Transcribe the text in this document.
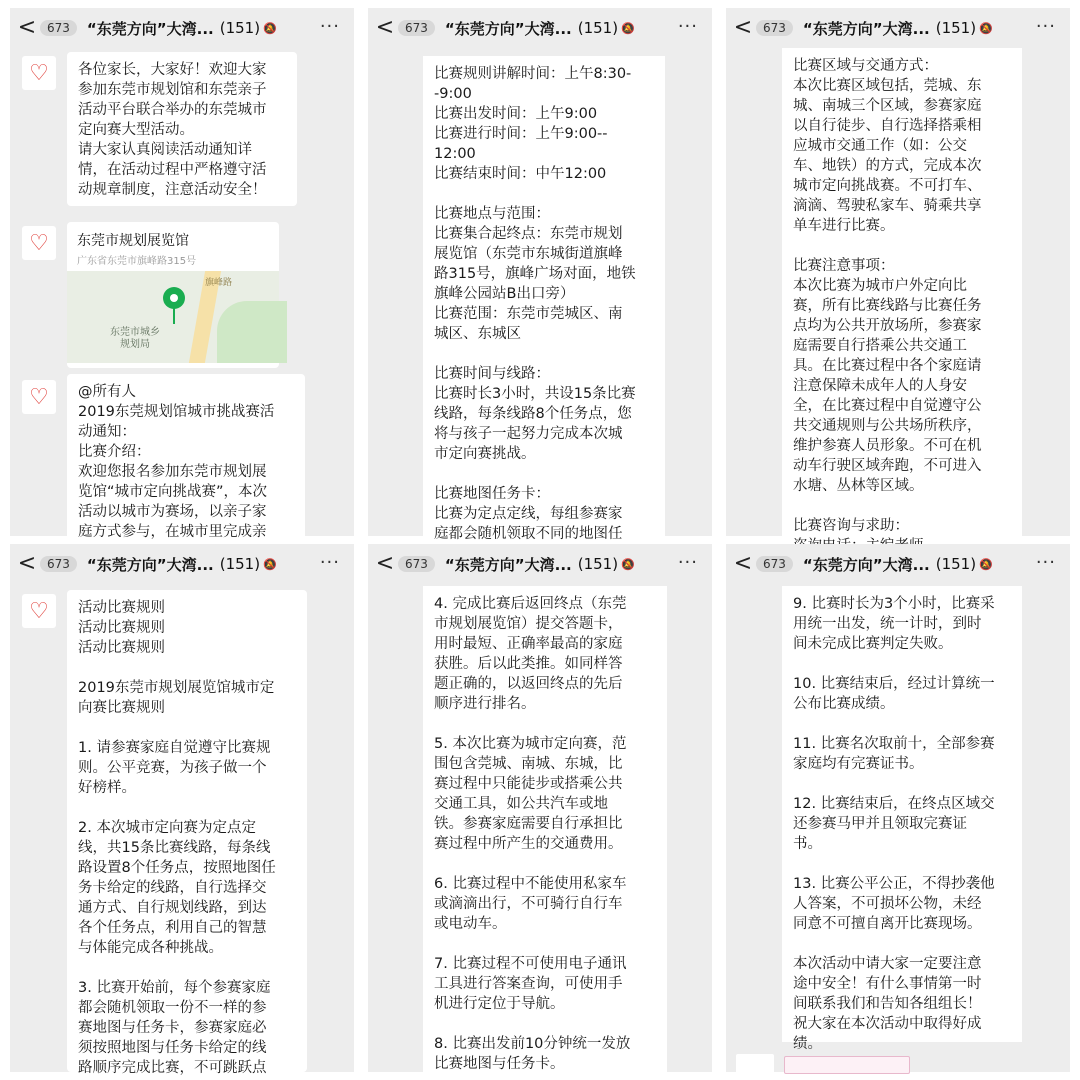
< 673	“东莞方向”大湾... (151) 🔕 ···
♡	各位家长，大家好！欢迎大家
参加东莞市规划馆和东莞亲子
活动平台联合举办的东莞城市
定向赛大型活动。
请大家认真阅读活动通知详
情，在活动过程中严格遵守活
动规章制度，注意活动安全！
♡	东莞市规划展览馆
广东省东莞市旗峰路315号
旗峰路
东莞市城乡
规划局
♡	@所有人
2019东莞规划馆城市挑战赛活
动通知：
比赛介绍：
欢迎您报名参加东莞市规划展
览馆“城市定向挑战赛”，本次
活动以城市为赛场，以亲子家
庭方式参与，在城市里完成亲
< 673	“东莞方向”大湾... (151) 🔕 ···
比赛规则讲解时间：上午8:30-
-9:00
比赛出发时间：上午9:00
比赛进行时间：上午9:00--
12:00
比赛结束时间：中午12:00

比赛地点与范围：
比赛集合起终点：东莞市规划
展览馆（东莞市东城街道旗峰
路315号，旗峰广场对面，地铁
旗峰公园站B出口旁）
比赛范围：东莞市莞城区、南
城区、东城区

比赛时间与线路：
比赛时长3小时，共设15条比赛
线路，每条线路8个任务点，您
将与孩子一起努力完成本次城
市定向赛挑战。

比赛地图任务卡：
比赛为定点定线，每组参赛家
庭都会随机领取不同的地图任
< 673	“东莞方向”大湾... (151) 🔕 ···
比赛区域与交通方式：
本次比赛区域包括，莞城、东
城、南城三个区域，参赛家庭
以自行徒步、自行选择搭乘相
应城市交通工作（如：公交
车、地铁）的方式，完成本次
城市定向挑战赛。不可打车、
滴滴、驾驶私家车、骑乘共享
单车进行比赛。

比赛注意事项：
本次比赛为城市户外定向比
赛，所有比赛线路与比赛任务
点均为公共开放场所，参赛家
庭需要自行搭乘公共交通工
具。在比赛过程中各个家庭请
注意保障未成年人的人身安
全，在比赛过程中自觉遵守公
共交通规则与公共场所秩序，
维护参赛人员形象。不可在机
动车行驶区域奔跑，不可进入
水塘、丛林等区域。

比赛咨询与求助：

< 673	“东莞方向”大湾... (151) 🔕 ···
♡	活动比赛规则
活动比赛规则
活动比赛规则

2019东莞市规划展览馆城市定
向赛比赛规则

1. 请参赛家庭自觉遵守比赛规
则。公平竞赛，为孩子做一个
好榜样。

2. 本次城市定向赛为定点定
线，共15条比赛线路，每条线
路设置8个任务点，按照地图任
务卡给定的线路，自行选择交
通方式、自行规划线路，到达
各个任务点，利用自己的智慧
与体能完成各种挑战。

3. 比赛开始前，每个参赛家庭
都会随机领取一份不一样的参
赛地图与任务卡，参赛家庭必
须按照地图与任务卡给定的线
路顺序完成比赛，不可跳跃点
< 673	“东莞方向”大湾... (151) 🔕 ···
4. 完成比赛后返回终点（东莞
市规划展览馆）提交答题卡，
用时最短、正确率最高的家庭
获胜。后以此类推。如同样答
题正确的，以返回终点的先后
顺序进行排名。

5. 本次比赛为城市定向赛，范
围包含莞城、南城、东城，比
赛过程中只能徒步或搭乘公共
交通工具，如公共汽车或地
铁。参赛家庭需要自行承担比
赛过程中所产生的交通费用。

6. 比赛过程中不能使用私家车
或滴滴出行，不可骑行自行车
或电动车。

7. 比赛过程不可使用电子通讯
工具进行答案查询，可使用手
机进行定位于导航。

8. 比赛出发前10分钟统一发放
比赛地图与任务卡。
< 673	“东莞方向”大湾... (151) 🔕 ···
9. 比赛时长为3个小时，比赛采
用统一出发，统一计时，到时
间未完成比赛判定失败。

10. 比赛结束后，经过计算统一
公布比赛成绩。

11. 比赛名次取前十，全部参赛
家庭均有完赛证书。

12. 比赛结束后，在终点区域交
还参赛马甲并且领取完赛证
书。

13. 比赛公平公正，不得抄袭他
人答案，不可损坏公物，未经
同意不可擅自离开比赛现场。

本次活动中请大家一定要注意
途中安全！有什么事情第一时
间联系我们和告知各组组长！
祝大家在本次活动中取得好成
绩。
